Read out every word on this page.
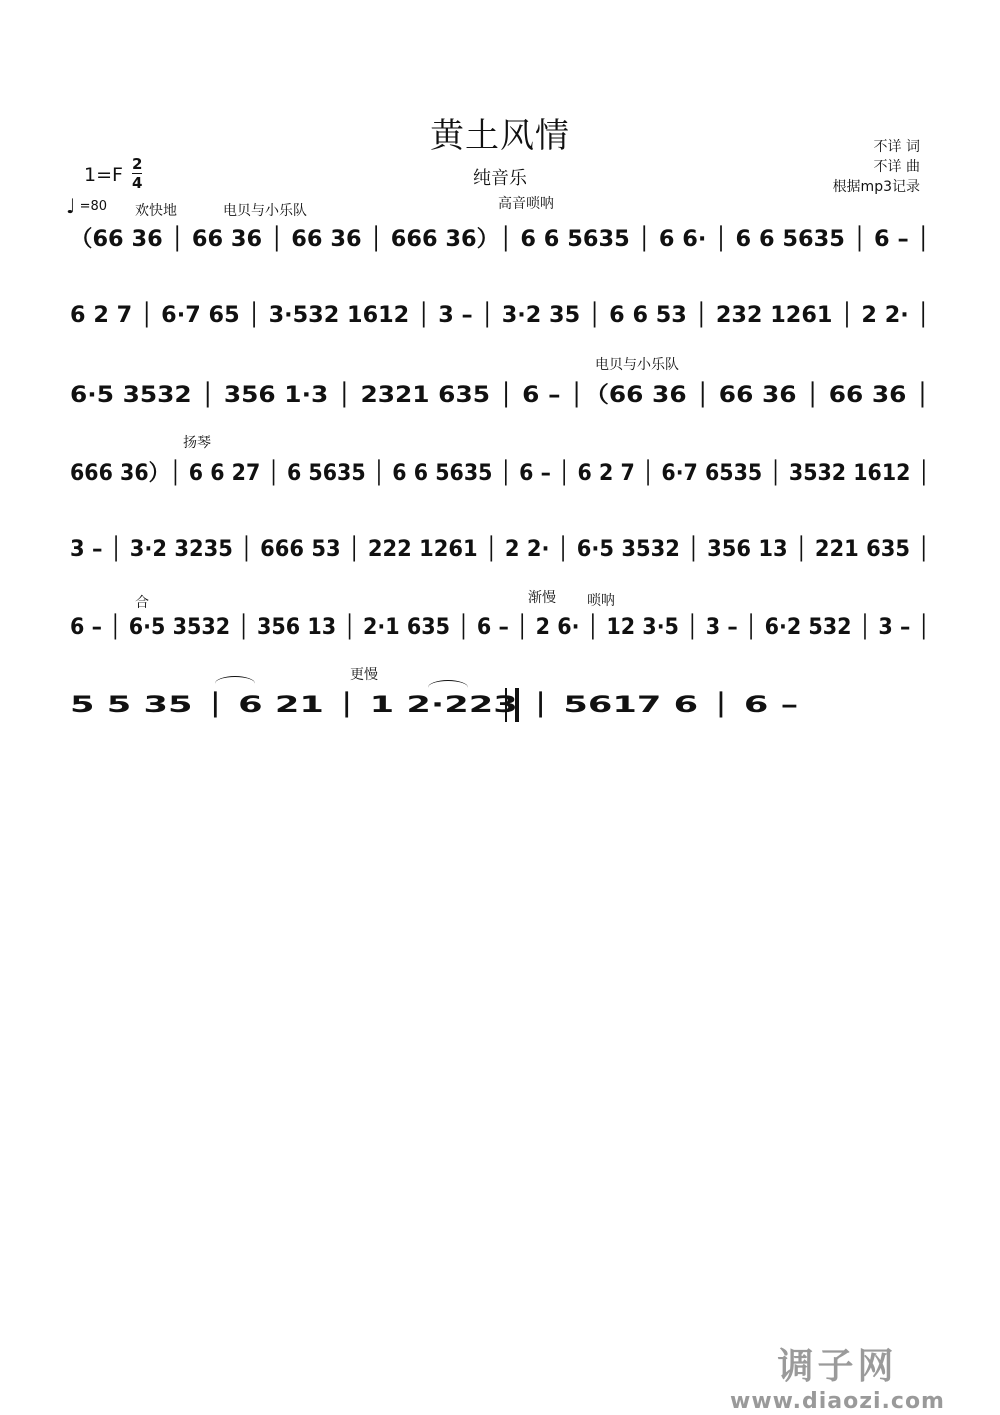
黄土风情
纯音乐
不详 词
不详 曲
根据mp3记录
1=F 2
4
♩ =80 欢快地	电贝与小乐队	高音唢呐
电贝与小乐队
扬琴
合	渐慢 唢呐
更慢
（66 36 │ 66 36 │ 66 36 │ 666 36）│ 6 6 5635 │ 6 6· │ 6 6 5635 │ 6 – │
6 2 7 │ 6·7 65 │ 3·532 1612 │ 3 – │ 3·2 35 │ 6 6 53 │ 232 1261 │ 2 2· │
6·5 3532 │ 356 1·3 │ 2321 635 │ 6 – │（66 36 │ 66 36 │ 66 36 │
666 36）│ 6 6 27 │ 6 5635 │ 6 6 5635 │ 6 – │ 6 2 7 │ 6·7 6535 │ 3532 1612 │
3 – │ 3·2 3235 │ 666 53 │ 222 1261 │ 2 2· │ 6·5 3532 │ 356 13 │ 221 635 │
6 – │ 6·5 3532 │ 356 13 │ 2·1 635 │ 6 – │ 2 6· │ 12 3·5 │ 3 – │ 6·2 532 │ 3 – │
5 5 35 │ 6 21 │ 1 2·223 │ 5617 6 │ 6 –
调子网
www.diaozi.com
